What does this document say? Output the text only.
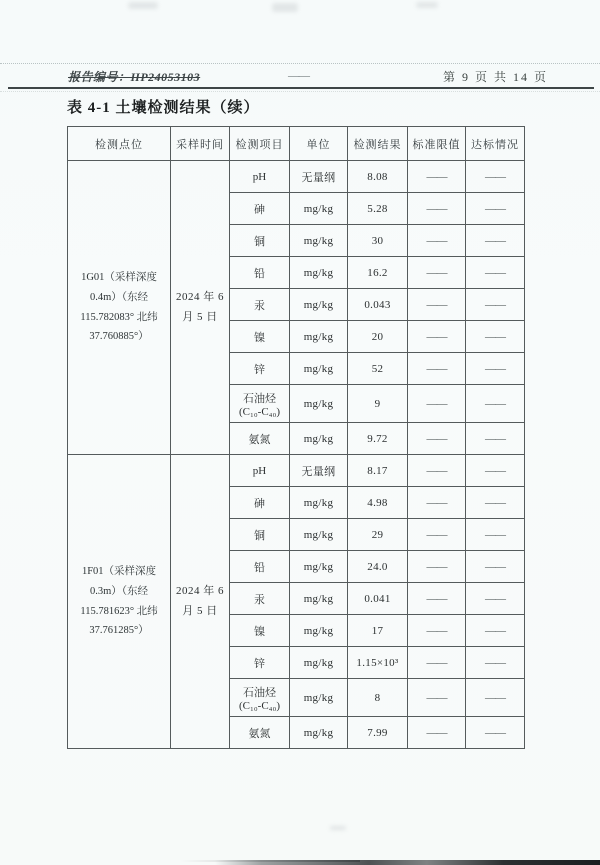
报告编号：HP24053103	——	第 9 页 共 14 页
表 4-1 土壤检测结果（续）
检测点位	采样时间	检测项目	单位	检测结果	标准限值	达标情况
1G01（采样深度 0.4m）（东经 115.782083° 北纬 37.760885°）	2024 年 6 月 5 日	pH	无量纲	8.08	——	——
		砷	mg/kg	5.28	——	——
		铜	mg/kg	30	——	——
		铅	mg/kg	16.2	——	——
		汞	mg/kg	0.043	——	——
		镍	mg/kg	20	——	——
		锌	mg/kg	52	——	——
		石油烃 (C₁₀-C₄₀)	mg/kg	9	——	——
		氨氮	mg/kg	9.72	——	——
1F01（采样深度 0.3m）（东经 115.781623° 北纬 37.761285°）	2024 年 6 月 5 日	pH	无量纲	8.17	——	——
		砷	mg/kg	4.98	——	——
		铜	mg/kg	29	——	——
		铅	mg/kg	24.0	——	——
		汞	mg/kg	0.041	——	——
		镍	mg/kg	17	——	——
		锌	mg/kg	1.15×10³	——	——
		石油烃 (C₁₀-C₄₀)	mg/kg	8	——	——
		氨氮	mg/kg	7.99	——	——
